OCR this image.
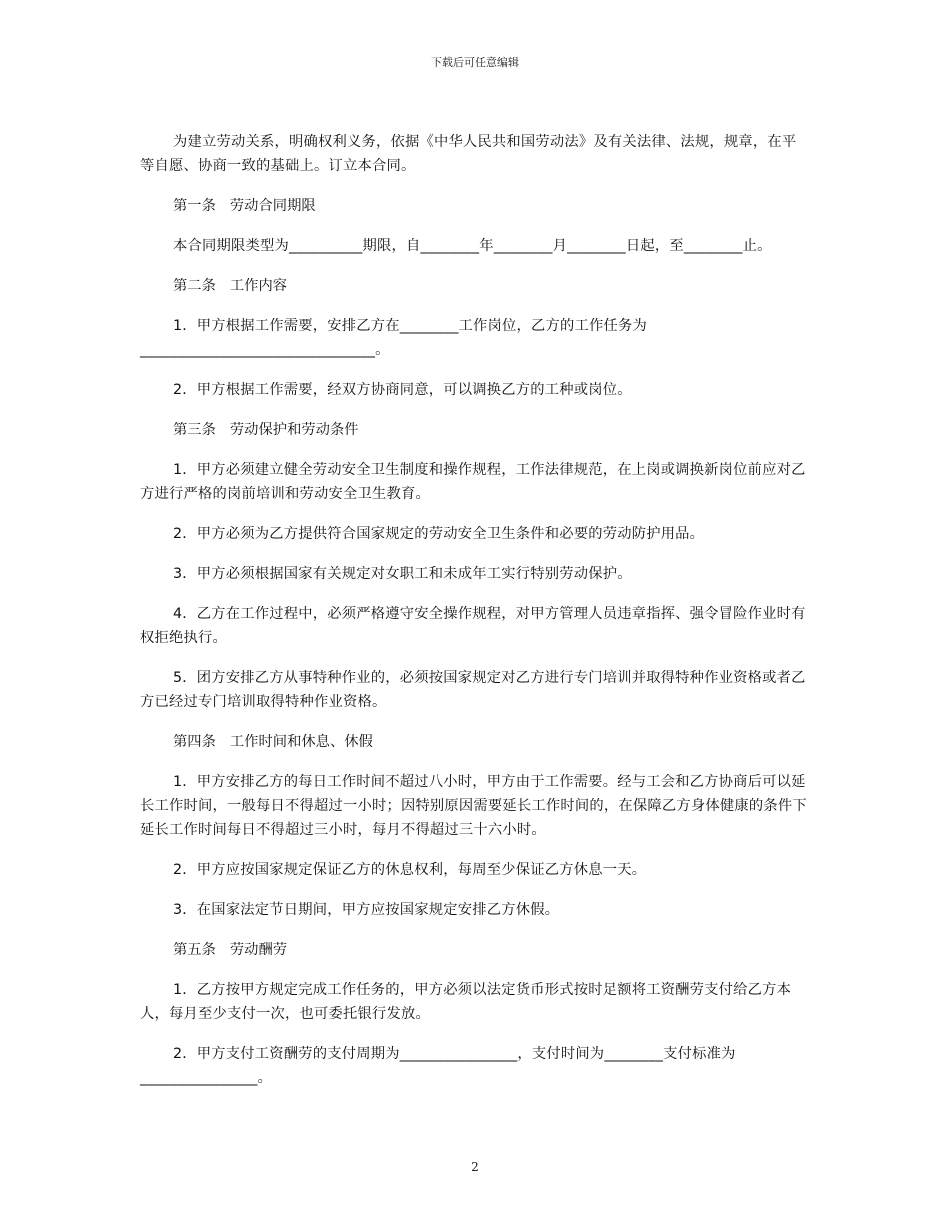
下载后可任意编辑

为建立劳动关系，明确权利义务，依据《中华人民共和国劳动法》及有关法律、法规，规章，在平等自愿、协商一致的基础上。订立本合同。

第一条 劳动合同期限

本合同期限类型为__________期限，自________年________月________日起，至________止。

第二条 工作内容

1．甲方根据工作需要，安排乙方在________工作岗位，乙方的工作任务为________________________________。

2．甲方根据工作需要，经双方协商同意，可以调换乙方的工种或岗位。

第三条 劳动保护和劳动条件

1．甲方必须建立健全劳动安全卫生制度和操作规程，工作法律规范，在上岗或调换新岗位前应对乙方进行严格的岗前培训和劳动安全卫生教育。

2．甲方必须为乙方提供符合国家规定的劳动安全卫生条件和必要的劳动防护用品。

3．甲方必须根据国家有关规定对女职工和未成年工实行特别劳动保护。

4．乙方在工作过程中，必须严格遵守安全操作规程，对甲方管理人员违章指挥、强令冒险作业时有权拒绝执行。

5．团方安排乙方从事特种作业的，必须按国家规定对乙方进行专门培训并取得特种作业资格或者乙方已经过专门培训取得特种作业资格。

第四条 工作时间和休息、休假

1．甲方安排乙方的每日工作时间不超过八小时，甲方由于工作需要。经与工会和乙方协商后可以延长工作时间，一般每日不得超过一小时；因特别原因需要延长工作时间的，在保障乙方身体健康的条件下延长工作时间每日不得超过三小时，每月不得超过三十六小时。

2．甲方应按国家规定保证乙方的休息权利，每周至少保证乙方休息一天。

3．在国家法定节日期间，甲方应按国家规定安排乙方休假。

第五条 劳动酬劳

1．乙方按甲方规定完成工作任务的，甲方必须以法定货币形式按时足额将工资酬劳支付给乙方本人，每月至少支付一次，也可委托银行发放。

2．甲方支付工资酬劳的支付周期为________________，支付时间为________支付标准为________________。

2
